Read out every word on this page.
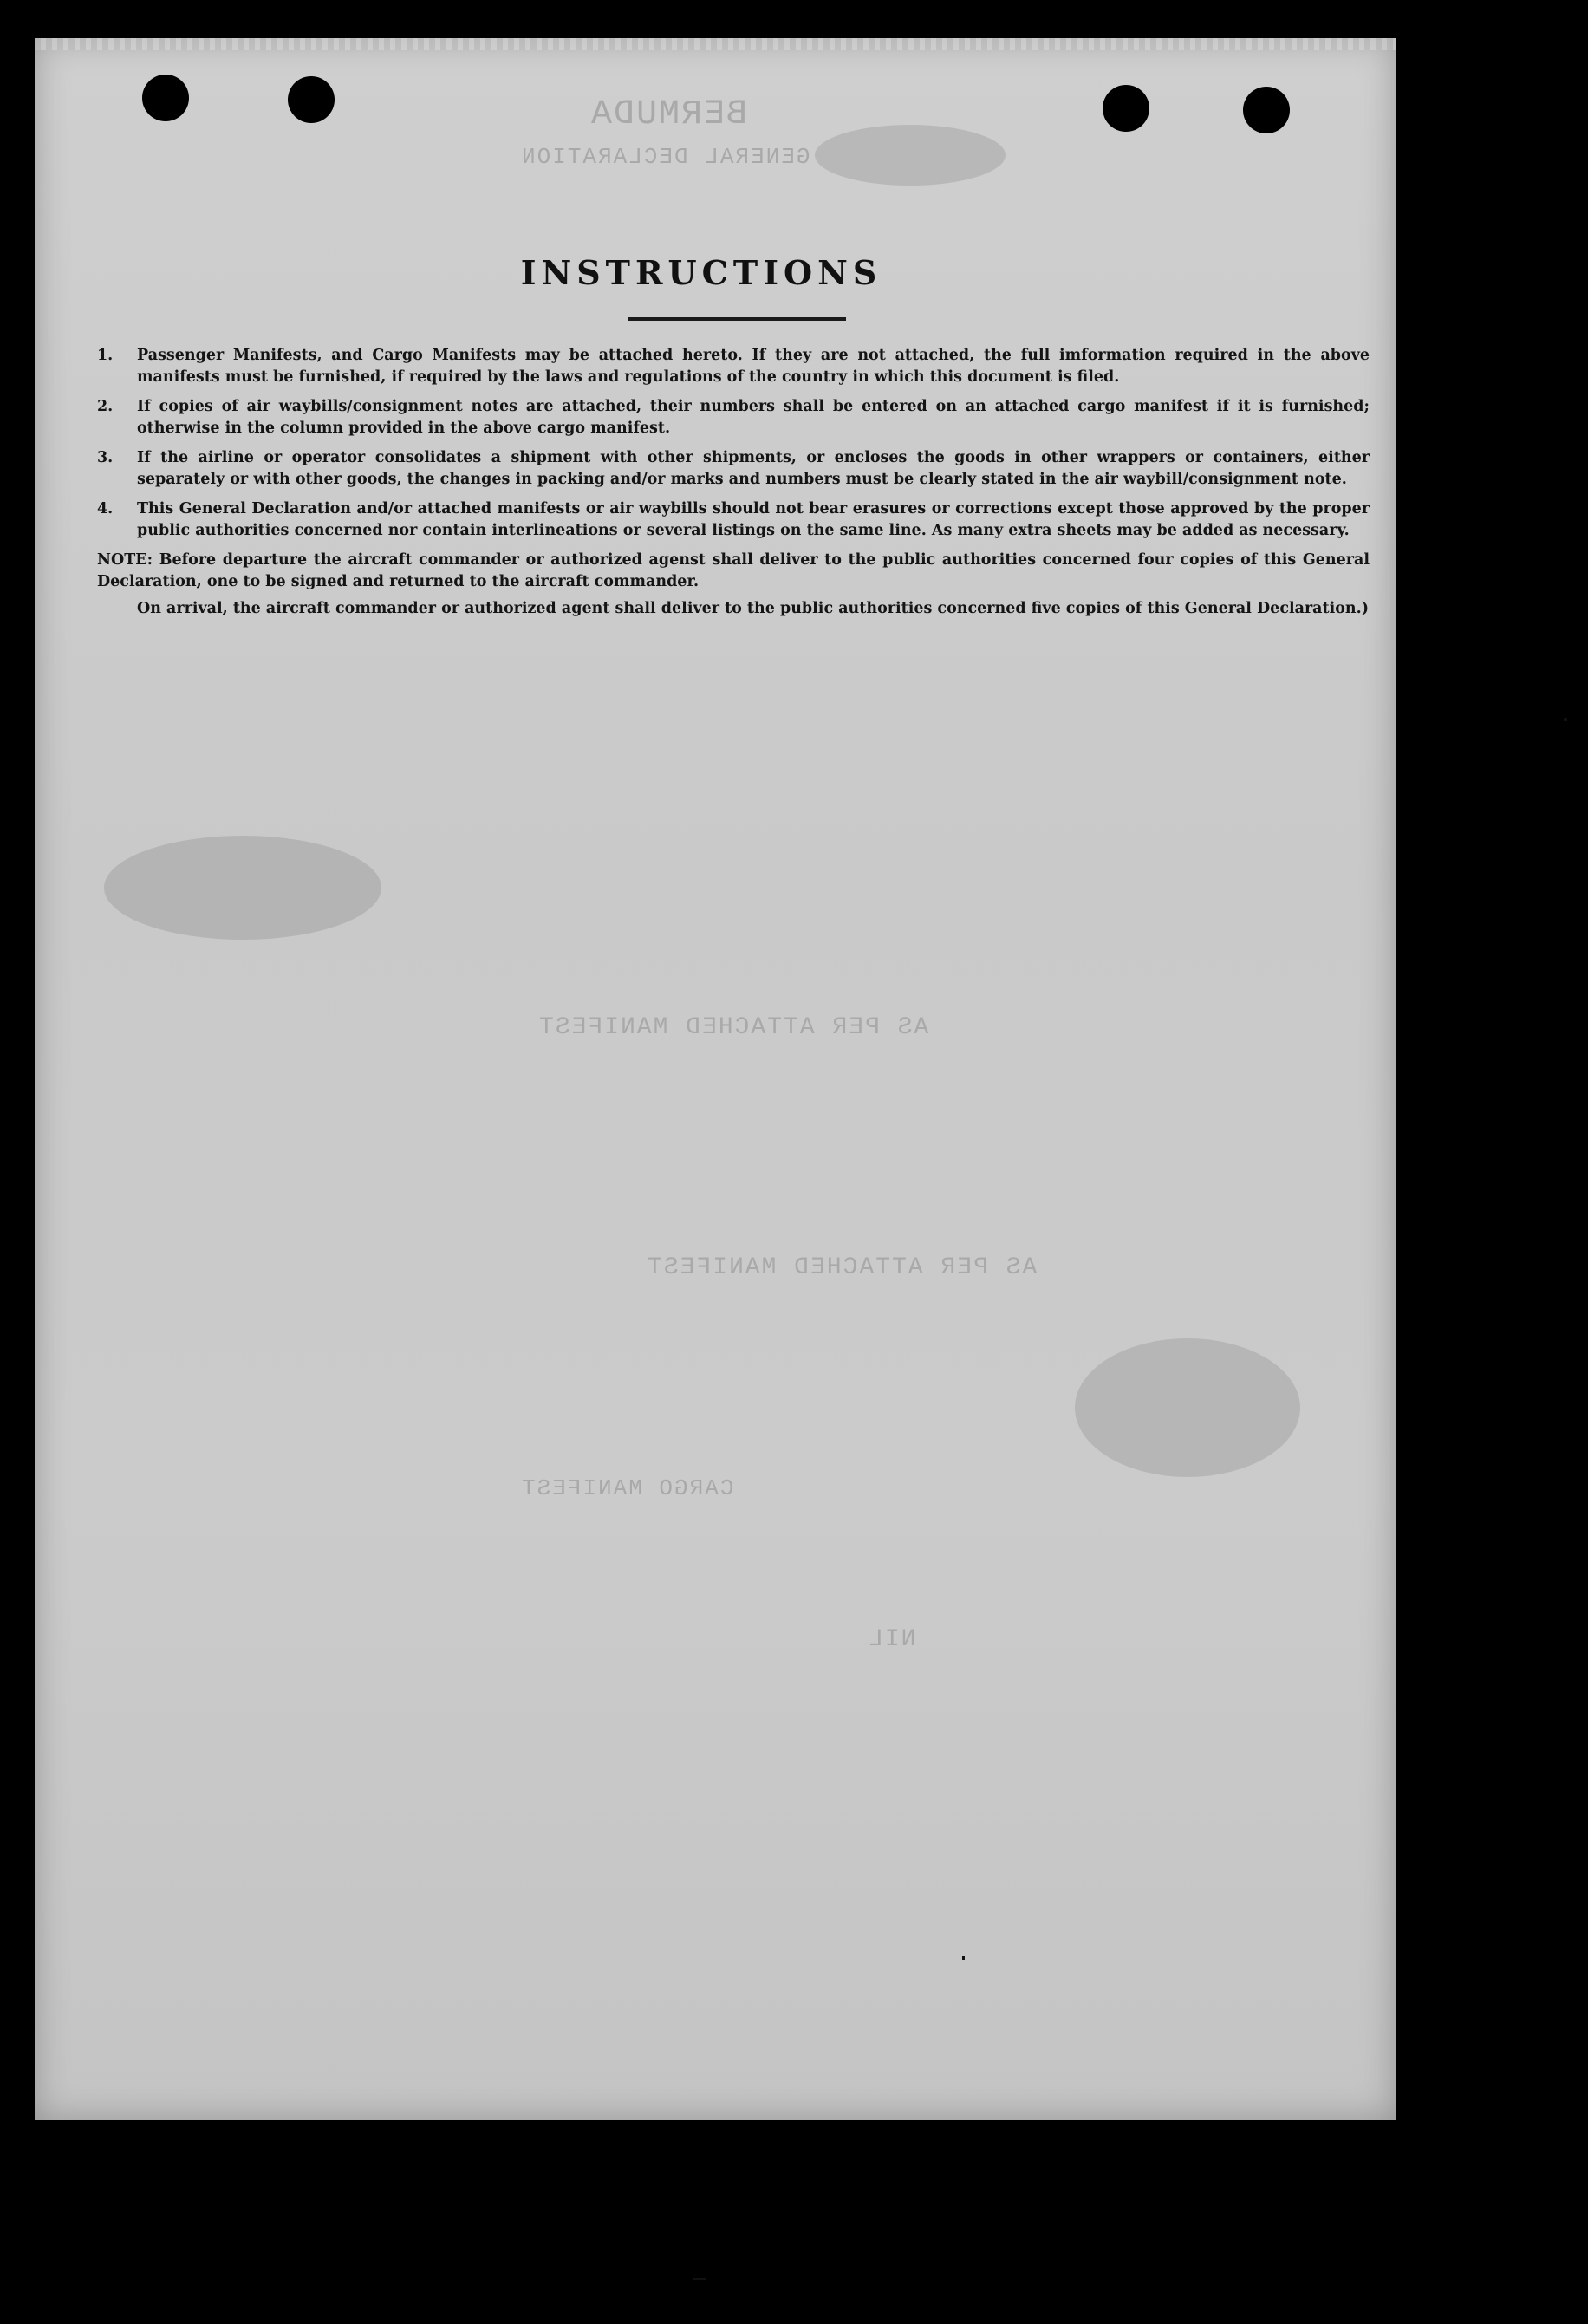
BERMUDA
GENERAL DECLARATION
AS PER ATTACHED MANIFEST
AS PER ATTACHED MANIFEST
CARGO MANIFEST
NIL
INSTRUCTIONS
1.	Passenger Manifests, and Cargo Manifests may be attached hereto. If they are not attached, the full imformation required in the above manifests must be furnished, if required by the laws and regulations of the country in which this document is filed.
2.	If copies of air waybills/consignment notes are attached, their numbers shall be entered on an attached cargo manifest if it is furnished; otherwise in the column provided in the above cargo manifest.
3.	If the airline or operator consolidates a shipment with other shipments, or encloses the goods in other wrappers or containers, either separately or with other goods, the changes in packing and/or marks and numbers must be clearly stated in the air waybill/consignment note.
4.	This General Declaration and/or attached manifests or air waybills should not bear erasures or corrections except those approved by the proper public authorities concerned nor contain interlineations or several listings on the same line. As many extra sheets may be added as necessary.

NOTE: Before departure the aircraft commander or authorized agenst shall deliver to the public authorities concerned four copies of this General Declaration, one to be signed and returned to the aircraft commander.

On arrival, the aircraft commander or authorized agent shall deliver to the public authorities concerned five copies of this General Declaration.)
